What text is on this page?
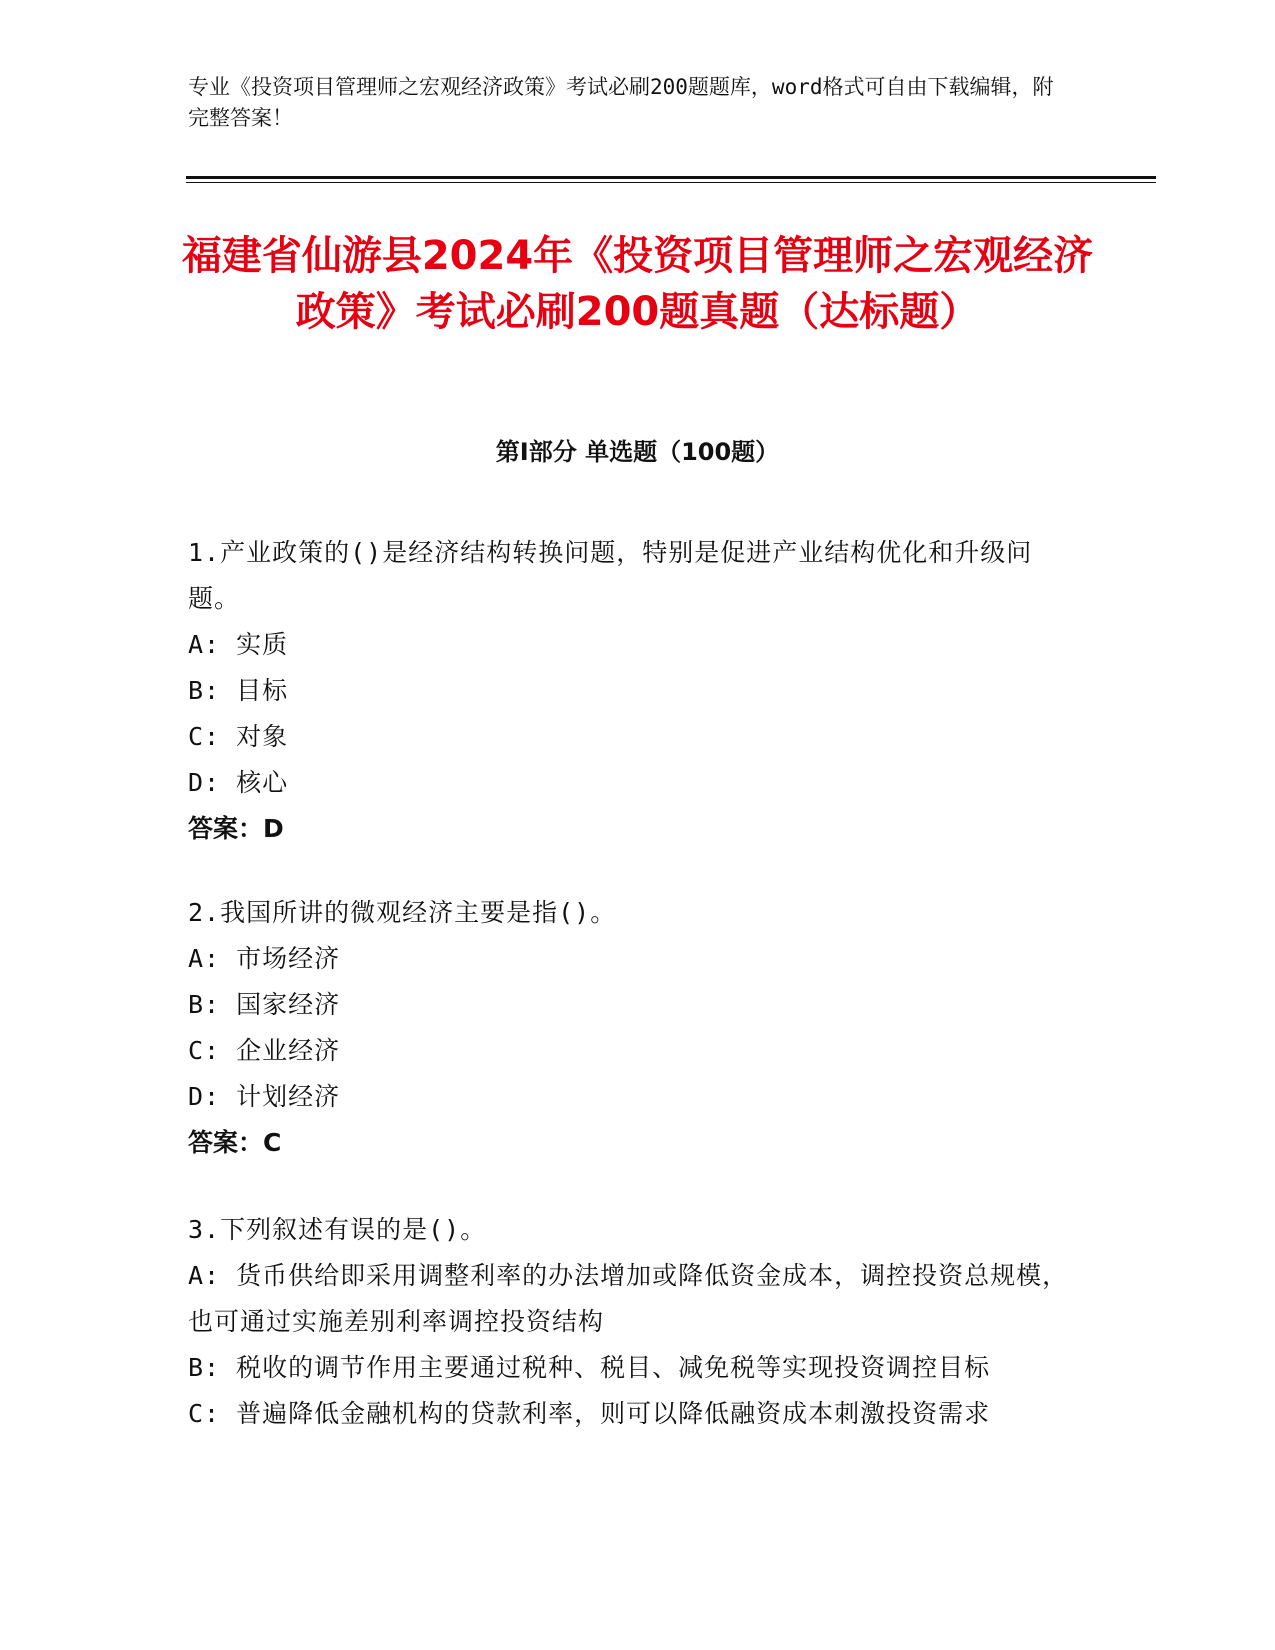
专业《投资项目管理师之宏观经济政策》考试必刷200题题库，word格式可自由下载编辑，附完整答案！
福建省仙游县2024年《投资项目管理师之宏观经济政策》考试必刷200题真题（达标题）
第I部分 单选题（100题）

1.产业政策的()是经济结构转换问题，特别是促进产业结构优化和升级问题。

A: 实质

B: 目标

C: 对象

D: 核心

答案：D

2.我国所讲的微观经济主要是指()。

A: 市场经济

B: 国家经济

C: 企业经济

D: 计划经济

答案：C

3.下列叙述有误的是()。

A: 货币供给即采用调整利率的办法增加或降低资金成本，调控投资总规模，也可通过实施差别利率调控投资结构

B: 税收的调节作用主要通过税种、税目、减免税等实现投资调控目标

C: 普遍降低金融机构的贷款利率，则可以降低融资成本刺激投资需求
